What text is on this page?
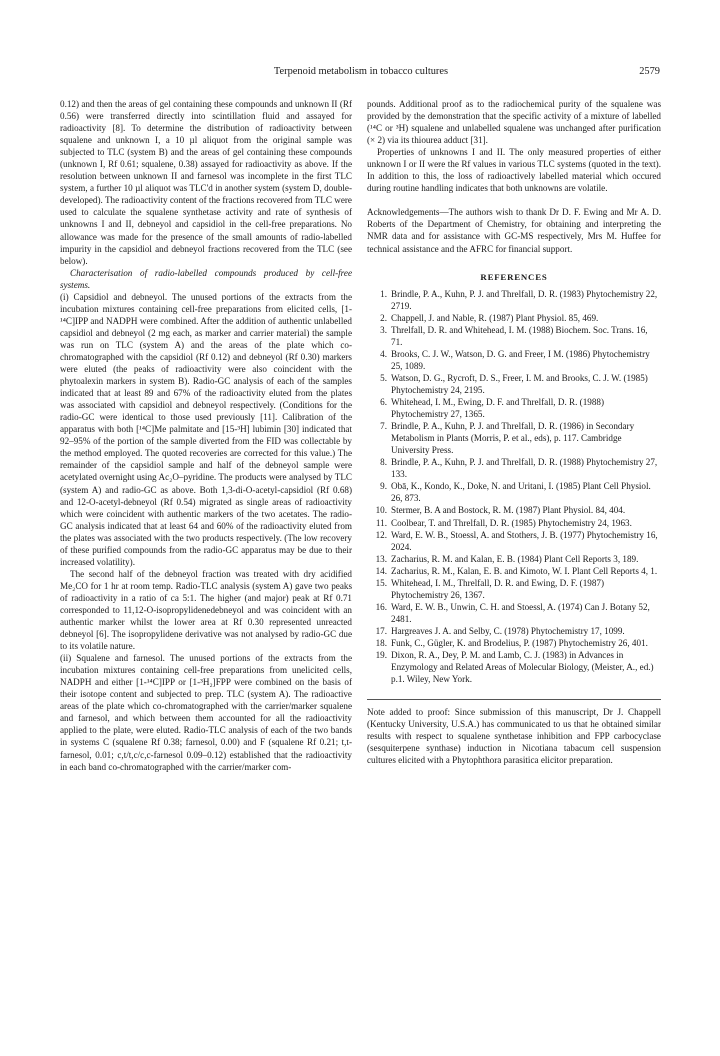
Terpenoid metabolism in tobacco cultures	2579

0.12) and then the areas of gel containing these compounds and unknown II (Rf 0.56) were transferred directly into scintillation fluid and assayed for radioactivity [8]. To determine the distribution of radioactivity between squalene and unknown I, a 10 µl aliquot from the original sample was subjected to TLC (system B) and the areas of gel containing these compounds (unknown I, Rf 0.61; squalene, 0.38) assayed for radioactivity as above. If the resolution between unknown II and farnesol was incomplete in the first TLC system, a further 10 µl aliquot was TLC'd in another system (system D, double-developed). The radioactivity content of the fractions recovered from TLC were used to calculate the squalene synthetase activity and rate of synthesis of unknowns I and II, debneyol and capsidiol in the cell-free preparations. No allowance was made for the presence of the small amounts of radio-labelled impurity in the capsidiol and debneyol fractions recovered from the TLC (see below).

Characterisation of radio-labelled compounds produced by cell-free systems.

(i) Capsidiol and debneyol. The unused portions of the extracts from the incubation mixtures containing cell-free preparations from elicited cells, [1-¹⁴C]IPP and NADPH were combined. After the addition of authentic unlabelled capsidiol and debneyol (2 mg each, as marker and carrier material) the sample was run on TLC (system A) and the areas of the plate which co-chromatographed with the capsidiol (Rf 0.12) and debneyol (Rf 0.30) markers were eluted (the peaks of radioactivity were also coincident with the phytoalexin markers in system B). Radio-GC analysis of each of the samples indicated that at least 89 and 67% of the radioactivity eluted from the plates was associated with capsidiol and debneyol respectively. (Conditions for the radio-GC were identical to those used previously [11]. Calibration of the apparatus with both [¹⁴C]Me palmitate and [15-³H] lubimin [30] indicated that 92–95% of the portion of the sample diverted from the FID was collectable by the method employed. The quoted recoveries are corrected for this value.) The remainder of the capsidiol sample and half of the debneyol sample were acetylated overnight using Ac₂O–pyridine. The products were analysed by TLC (system A) and radio-GC as above. Both 1,3-di-O-acetyl-capsidiol (Rf 0.68) and 12-O-acetyl-debneyol (Rf 0.54) migrated as single areas of radioactivity which were coincident with authentic markers of the two acetates. The radio-GC analysis indicated that at least 64 and 60% of the radioactivity eluted from the plates was associated with the two products respectively. (The low recovery of these purified compounds from the radio-GC apparatus may be due to their increased volatility).

The second half of the debneyol fraction was treated with dry acidified Me₂CO for 1 hr at room temp. Radio-TLC analysis (system A) gave two peaks of radioactivity in a ratio of ca 5:1. The higher (and major) peak at Rf 0.71 corresponded to 11,12-O-isopropylidenedebneyol and was coincident with an authentic marker whilst the lower area at Rf 0.30 represented unreacted debneyol [6]. The isopropylidene derivative was not analysed by radio-GC due to its volatile nature.

(ii) Squalene and farnesol. The unused portions of the extracts from the incubation mixtures containing cell-free preparations from unelicited cells, NADPH and either [1-¹⁴C]IPP or [1-³H₂]FPP were combined on the basis of their isotope content and subjected to prep. TLC (system A). The radioactive areas of the plate which co-chromatographed with the carrier/marker squalene and farnesol, and which between them accounted for all the radioactivity applied to the plate, were eluted. Radio-TLC analysis of each of the two bands in systems C (squalene Rf 0.38; farnesol, 0.00) and F (squalene Rf 0.21; t,t-farnesol, 0.01; c,t/t,c/c,c-farnesol 0.09–0.12) established that the radioactivity in each band co-chromatographed with the carrier/marker com-

pounds. Additional proof as to the radiochemical purity of the squalene was provided by the demonstration that the specific activity of a mixture of labelled (¹⁴C or ³H) squalene and unlabelled squalene was unchanged after purification (× 2) via its thiourea adduct [31].

Properties of unknowns I and II. The only measured properties of either unknown I or II were the Rf values in various TLC systems (quoted in the text). In addition to this, the loss of radioactively labelled material which occured during routine handling indicates that both unknowns are volatile.

Acknowledgements—The authors wish to thank Dr D. F. Ewing and Mr A. D. Roberts of the Department of Chemistry, for obtaining and interpreting the NMR data and for assistance with GC-MS respectively, Mrs M. Huffee for technical assistance and the AFRC for financial support.

REFERENCES
1. Brindle, P. A., Kuhn, P. J. and Threlfall, D. R. (1983) Phytochemistry 22, 2719.
2. Chappell, J. and Nable, R. (1987) Plant Physiol. 85, 469.
3. Threlfall, D. R. and Whitehead, I. M. (1988) Biochem. Soc. Trans. 16, 71.
4. Brooks, C. J. W., Watson, D. G. and Freer, I M. (1986) Phytochemistry 25, 1089.
5. Watson, D. G., Rycroft, D. S., Freer, I. M. and Brooks, C. J. W. (1985) Phytochemistry 24, 2195.
6. Whitehead, I. M., Ewing, D. F. and Threlfall, D. R. (1988) Phytochemistry 27, 1365.
7. Brindle, P. A., Kuhn, P. J. and Threlfall, D. R. (1986) in Secondary Metabolism in Plants (Morris, P. et al., eds), p. 117. Cambridge University Press.
8. Brindle, P. A., Kuhn, P. J. and Threlfall, D. R. (1988) Phytochemistry 27, 133.
9. Obā, K., Kondo, K., Doke, N. and Uritani, I. (1985) Plant Cell Physiol. 26, 873.
10. Stermer, B. A and Bostock, R. M. (1987) Plant Physiol. 84, 404.
11. Coolbear, T. and Threlfall, D. R. (1985) Phytochemistry 24, 1963.
12. Ward, E. W. B., Stoessl, A. and Stothers, J. B. (1977) Phytochemistry 16, 2024.
13. Zacharius, R. M. and Kalan, E. B. (1984) Plant Cell Reports 3, 189.
14. Zacharius, R. M., Kalan, E. B. and Kimoto, W. I. Plant Cell Reports 4, 1.
15. Whitehead, I. M., Threlfall, D. R. and Ewing, D. F. (1987) Phytochemistry 26, 1367.
16. Ward, E. W. B., Unwin, C. H. and Stoessl, A. (1974) Can J. Botany 52, 2481.
17. Hargreaves J. A. and Selby, C. (1978) Phytochemistry 17, 1099.
18. Funk, C., Gügler, K. and Brodelius, P. (1987) Phytochemistry 26, 401.
19. Dixon, R. A., Dey, P. M. and Lamb, C. J. (1983) in Advances in Enzymology and Related Areas of Molecular Biology, (Meister, A., ed.) p.1. Wiley, New York.
Note added to proof: Since submission of this manuscript, Dr J. Chappell (Kentucky University, U.S.A.) has communicated to us that he obtained similar results with respect to squalene synthetase inhibition and FPP carbocyclase (sesquiterpene synthase) induction in Nicotiana tabacum cell suspension cultures elicited with a Phytophthora parasitica elicitor preparation.
